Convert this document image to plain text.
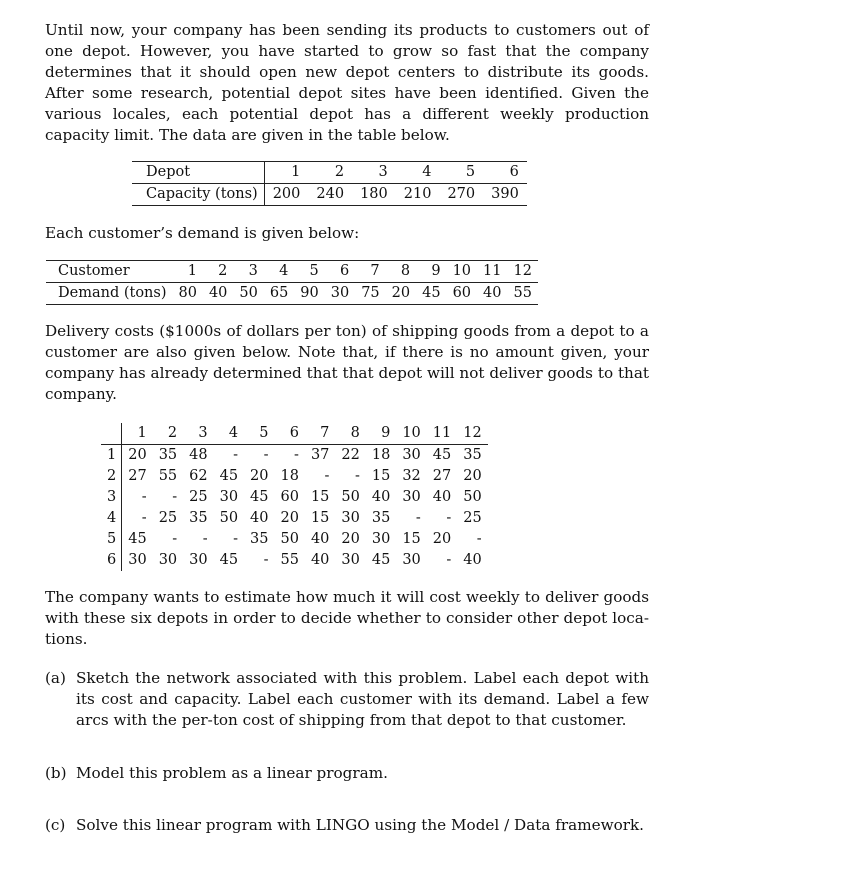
Until now, your company has been sending its products to customers out of one depot. However, you have started to grow so fast that the company determines that it should open new depot centers to distribute its goods. After some research, potential depot sites have been identified. Given the various locales, each potential depot has a different weekly production capacity limit. The data are given in the table below.

Depot	1	2	3	4	5	6
Capacity (tons)	200	240	180	210	270	390

Each customer’s demand is given below:

Customer	1	2	3	4	5	6	7	8	9	10	11	12
Demand (tons)	80	40	50	65	90	30	75	20	45	60	40	55

Delivery costs ($1000s of dollars per ton) of shipping goods from a depot to a customer are also given below. Note that, if there is no amount given, your company has already determined that that depot will not deliver goods to that company.

	1	2	3	4	5	6	7	8	9	10	11	12
1	20	35	48	-	-	-	37	22	18	30	45	35
2	27	55	62	45	20	18	-	-	15	32	27	20
3	-	-	25	30	45	60	15	50	40	30	40	50
4	-	25	35	50	40	20	15	30	35	-	-	25
5	45	-	-	-	35	50	40	20	30	15	20	-
6	30	30	30	45	-	55	40	30	45	30	-	40

The company wants to estimate how much it will cost weekly to deliver goods with these six depots in order to decide whether to consider other depot loca-tions.

(a) Sketch the network associated with this problem. Label each depot with its cost and capacity. Label each customer with its demand. Label a few arcs with the per-ton cost of shipping from that depot to that customer.
(b) Model this problem as a linear program.
(c) Solve this linear program with LINGO using the Model / Data framework.
